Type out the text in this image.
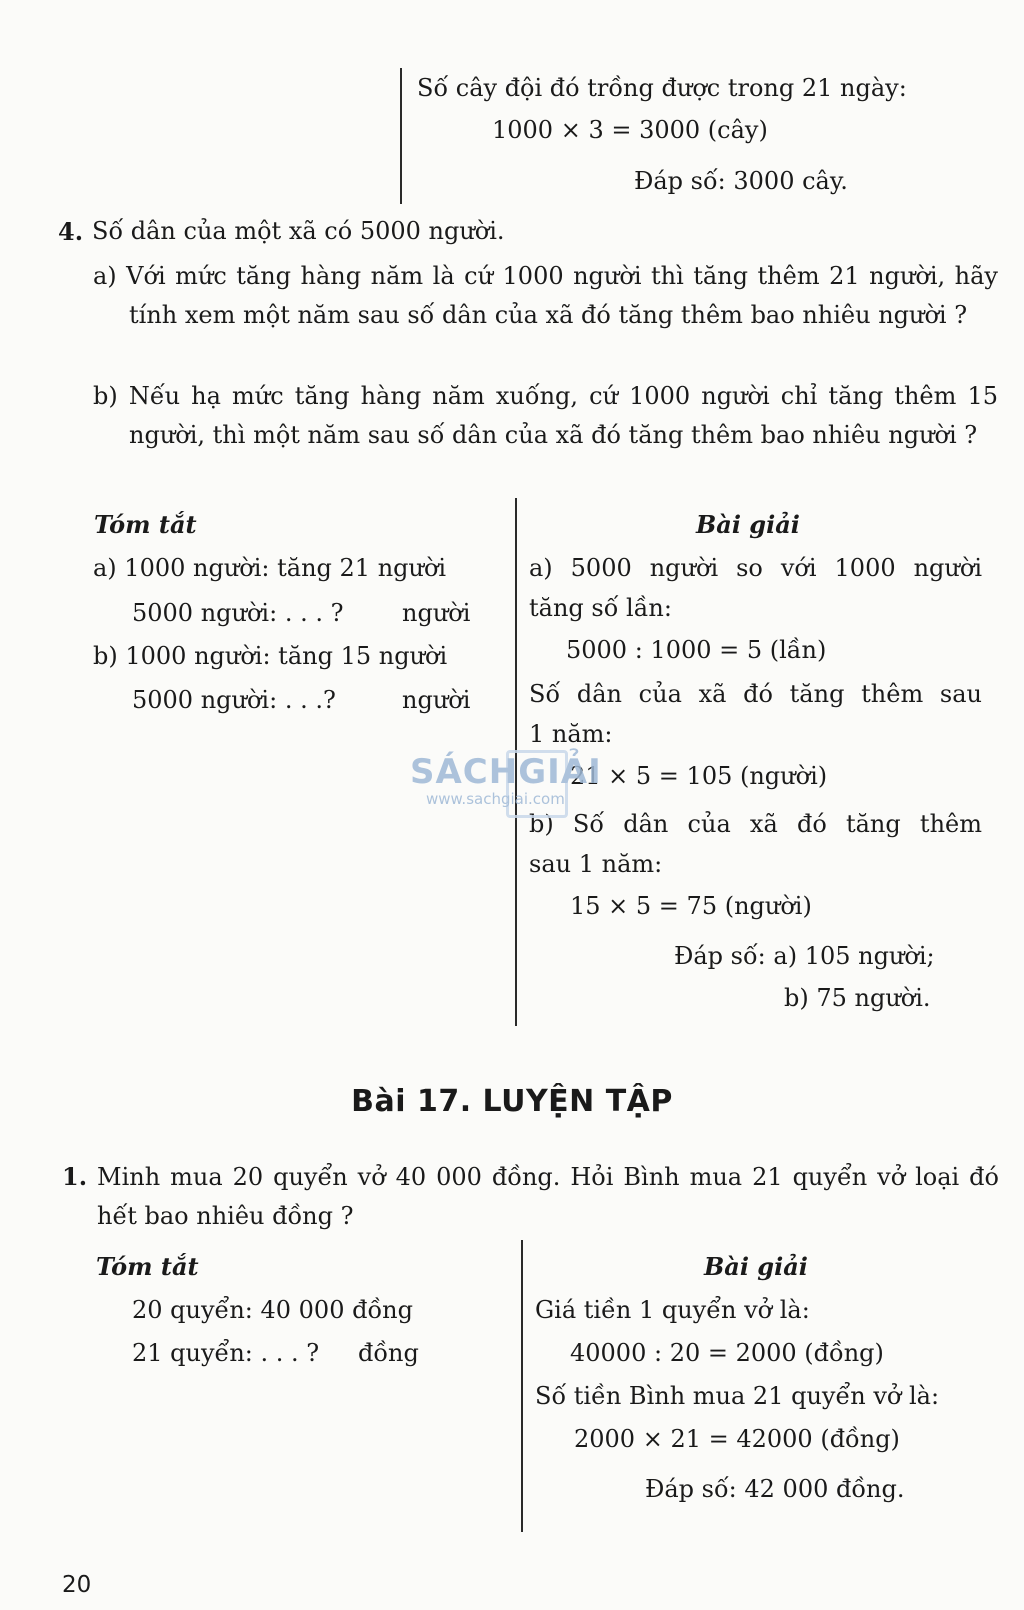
Số cây đội đó trồng được trong 21 ngày:
1000 × 3 = 3000 (cây)
Đáp số: 3000 cây.
4. Số dân của một xã có 5000 người.
a) Với mức tăng hàng năm là cứ 1000 người thì tăng thêm 21 người, hãy tính xem một năm sau số dân của xã đó tăng thêm bao nhiêu người ?
b) Nếu hạ mức tăng hàng năm xuống, cứ 1000 người chỉ tăng thêm 15 người, thì một năm sau số dân của xã đó tăng thêm bao nhiêu người ?
Tóm tắt
a) 1000 người: tăng 21 người
5000 người: . . . ? người
b) 1000 người: tăng 15 người
5000 người: . . .?	người
Bài giải
a) 5000 người so với 1000 người
tăng số lần:
5000 : 1000 = 5 (lần)
Số dân của xã đó tăng thêm sau
1 năm:
21 × 5 = 105 (người)
b) Số dân của xã đó tăng thêm
sau 1 năm:
15 × 5 = 75 (người)
Đáp số: a) 105 người;
b) 75 người.
SÁCHGIẢI
www.sachgiai.com
Bài 17. LUYỆN TẬP
1. Minh mua 20 quyển vở 40 000 đồng. Hỏi Bình mua 21 quyển vở loại đó hết bao nhiêu đồng ?
Tóm tắt
20 quyển: 40 000 đồng
21 quyển: . . . ? đồng
Bài giải
Giá tiền 1 quyển vở là:
40000 : 20 = 2000 (đồng)
Số tiền Bình mua 21 quyển vở là:
2000 × 21 = 42000 (đồng)
Đáp số: 42 000 đồng.
20
